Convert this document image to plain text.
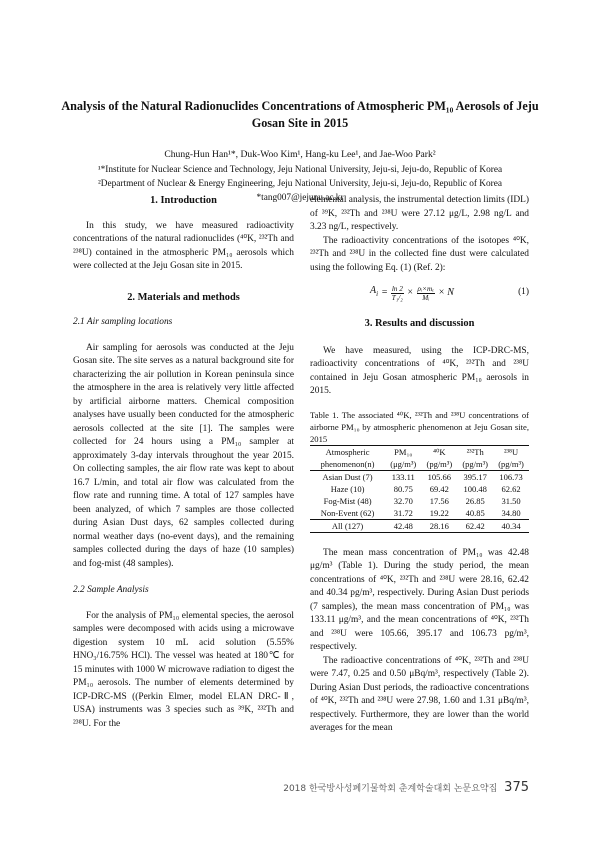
Analysis of the Natural Radionuclides Concentrations of Atmospheric PM₁₀ Aerosols of Jeju Gosan Site in 2015
Chung-Hun Han¹*, Duk-Woo Kim¹, Hang-ku Lee¹, and Jae-Woo Park²
¹*Institute for Nuclear Science and Technology, Jeju National University, Jeju-si, Jeju-do, Republic of Korea
²Department of Nuclear & Energy Engineering, Jeju National University, Jeju-si, Jeju-do, Republic of Korea
*tang007@jejunu.ac.kr
1. Introduction

In this study, we have measured radioactivity concentrations of the natural radionuclides (⁴⁰K, ²³²Th and ²³⁸U) contained in the atmospheric PM₁₀ aerosols which were collected at the Jeju Gosan site in 2015.

2. Materials and methods
2.1 Air sampling locations

Air sampling for aerosols was conducted at the Jeju Gosan site. The site serves as a natural background site for characterizing the air pollution in Korean peninsula since the atmosphere in the area is relatively very little affected by artificial airborne matters. Chemical composition analyses have usually been conducted for the atmospheric aerosols collected at the site [1]. The samples were collected for 24 hours using a PM₁₀ sampler at approximately 3-day intervals throughout the year 2015. On collecting samples, the air flow rate was kept to about 16.7 L/min, and total air flow was calculated from the flow rate and running time. A total of 127 samples have been analyzed, of which 7 samples are those collected during Asian Dust days, 62 samples collected during normal weather days (no-event days), and the remaining samples collected during the days of haze (10 samples) and fog-mist (48 samples).

2.2 Sample Analysis

For the analysis of PM₁₀ elemental species, the aerosol samples were decomposed with acids using a microwave digestion system 10 mL acid solution (5.55% HNO₃/16.75% HCl). The vessel was heated at 180℃ for 15 minutes with 1000 W microwave radiation to digest the PM₁₀ aerosols. The number of elements determined by ICP-DRC-MS ((Perkin Elmer, model ELAN DRC-Ⅱ, USA) instruments was 3 species such as ³⁹K, ²³²Th and ²³⁸U. For the

elemental analysis, the instrumental detection limits (IDL) of ³⁹K, ²³²Th and ²³⁸U were 27.12 μg/L, 2.98 ng/L and 3.23 ng/L, respectively.

The radioactivity concentrations of the isotopes ⁴⁰K, ²³²Th and ²³⁸U in the collected fine dust were calculated using the following Eq. (1) (Ref. 2):

$A_i = \frac{\ln 2}{\text{T₁/₂}} \times \frac{\text{ρᵢ×mₑ}}{\text{Mᵢ}} \times N$	(1)
3. Results and discussion

We have measured, using the ICP-DRC-MS, radioactivity concentrations of ⁴⁰K, ²³²Th and ²³⁸U contained in Jeju Gosan atmospheric PM₁₀ aerosols in 2015.

Table 1. The associated ⁴⁰K, ²³²Th and ²³⁸U concentrations of airborne PM₁₀ by atmospheric phenomenon at Jeju Gosan site, 2015
Atmospheric	PM₁₀	⁴⁰K	²³²Th	²³⁸U
phenomenon(n)	(μg/m³)	(pg/m³)	(pg/m³)	(pg/m³)
Asian Dust (7)	133.11	105.66	395.17	106.73
Haze (10)	80.75	69.42	100.48	62.62
Fog-Mist (48)	32.70	17.56	26.85	31.50
Non-Event (62)	31.72	19.22	40.85	34.80
All (127)	42.48	28.16	62.42	40.34

The mean mass concentration of PM₁₀ was 42.48 μg/m³ (Table 1). During the study period, the mean concentrations of ⁴⁰K, ²³²Th and ²³⁸U were 28.16, 62.42 and 40.34 pg/m³, respectively. During Asian Dust periods (7 samples), the mean mass concentration of PM₁₀ was 133.11 μg/m³, and the mean concentrations of ⁴⁰K, ²³²Th and ²³⁸U were 105.66, 395.17 and 106.73 pg/m³, respectively.

The radioactive concentrations of ⁴⁰K, ²³²Th and ²³⁸U were 7.47, 0.25 and 0.50 μBq/m³, respectively (Table 2). During Asian Dust periods, the radioactive concentrations of ⁴⁰K, ²³²Th and ²³⁸U were 27.98, 1.60 and 1.31 μBq/m³, respectively. Furthermore, they are lower than the world averages for the mean

2018 한국방사성폐기물학회 춘계학술대회 논문요약집 375
